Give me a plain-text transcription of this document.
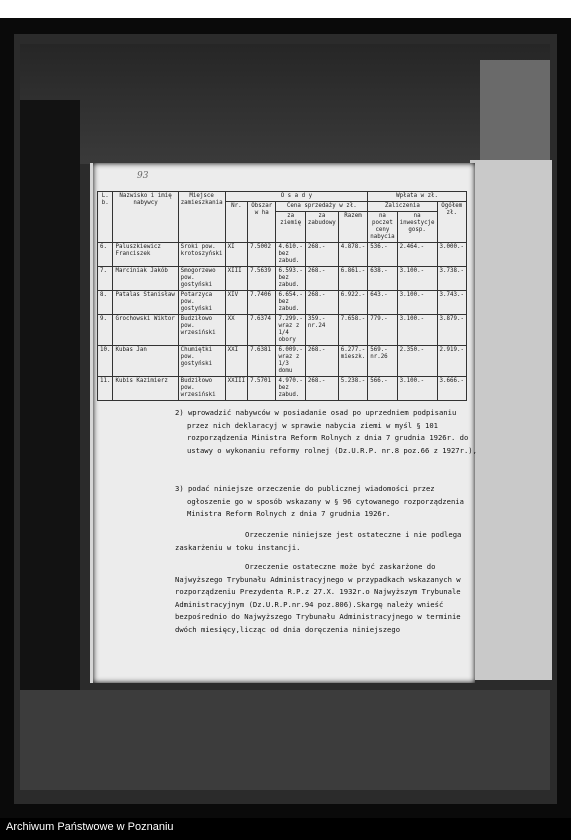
93
L. b.	Nazwisko i imię nabywcy	Miejsce zamieszkania	O s a d y					Wpłata w zł.		
			Nr.	Obszar w ha	Cena sprzedaży w zł.			Zaliczenia		Ogółem zł.
					za ziemię	za zabudowy	Razem	na poczet ceny nabycia	na inwestycje gosp.	
6.	Paluszkiewicz Franciszek	Sroki pow. krotoszyński	XI	7.5002	4.610.- bez zabud.	268.-	4.878.-	536.-	2.464.-	3.000.-
7.	Marciniak Jakób	Smogorzewo pow. gostyński	XIII	7.5639	6.593.- bez zabud.	268.-	6.861.-	638.-	3.100.-	3.738.-
8.	Patalas Stanisław	Potarzyca pow. gostyński	XIV	7.7406	6.654.- bez zabud.	268.-	6.922.-	643.-	3.100.-	3.743.-
9.	Grochowski Wiktor	Budziłowo pow. wrzesiński	XX	7.6374	7.299.- wraz z 1/4 obory	359.- nr.24	7.658.-	779.-	3.100.-	3.879.-
10.	Kubas Jan	Chumiętki pow. gostyński	XXI	7.6381	6.009.- wraz z 1/3 domu	268.-	6.277.- mieszk.	569.- nr.26	2.350.-	2.919.-
11.	Kubis Kazimierz	Budziłowo pow. wrzesiński	XXIII	7.5701	4.970.- bez zabud.	268.-	5.238.-	566.-	3.100.-	3.666.-
2) wprowadzić nabywców w posiadanie osad po uprzedniem podpisaniu przez nich deklaracyj w sprawie nabycia ziemi w myśl § 101 rozporządzenia Ministra Reform Rolnych z dnia 7 grudnia 1926r. do ustawy o wykonaniu reformy rolnej (Dz.U.R.P. nr.8 poz.66 z 1927r.),
3) podać niniejsze orzeczenie do publicznej wiadomości przez ogłoszenie go w sposób wskazany w § 96 cytowanego rozporządzenia Ministra Reform Rolnych z dnia 7 grudnia 1926r.
Orzeczenie niniejsze jest ostateczne i nie podlega zaskarżeniu w toku instancji.
Orzeczenie ostateczne może być zaskarżone do Najwyższego Trybunału Administracyjnego w przypadkach wskazanych w rozporządzeniu Prezydenta R.P.z 27.X. 1932r.o Najwyższym Trybunale Administracyjnym (Dz.U.R.P.nr.94 poz.806).Skargę należy wnieść bezpośrednio do Najwyższego Trybunału Administracyjnego w terminie dwóch miesięcy,licząc od dnia doręczenia niniejszego
Archiwum Państwowe w Poznaniu
